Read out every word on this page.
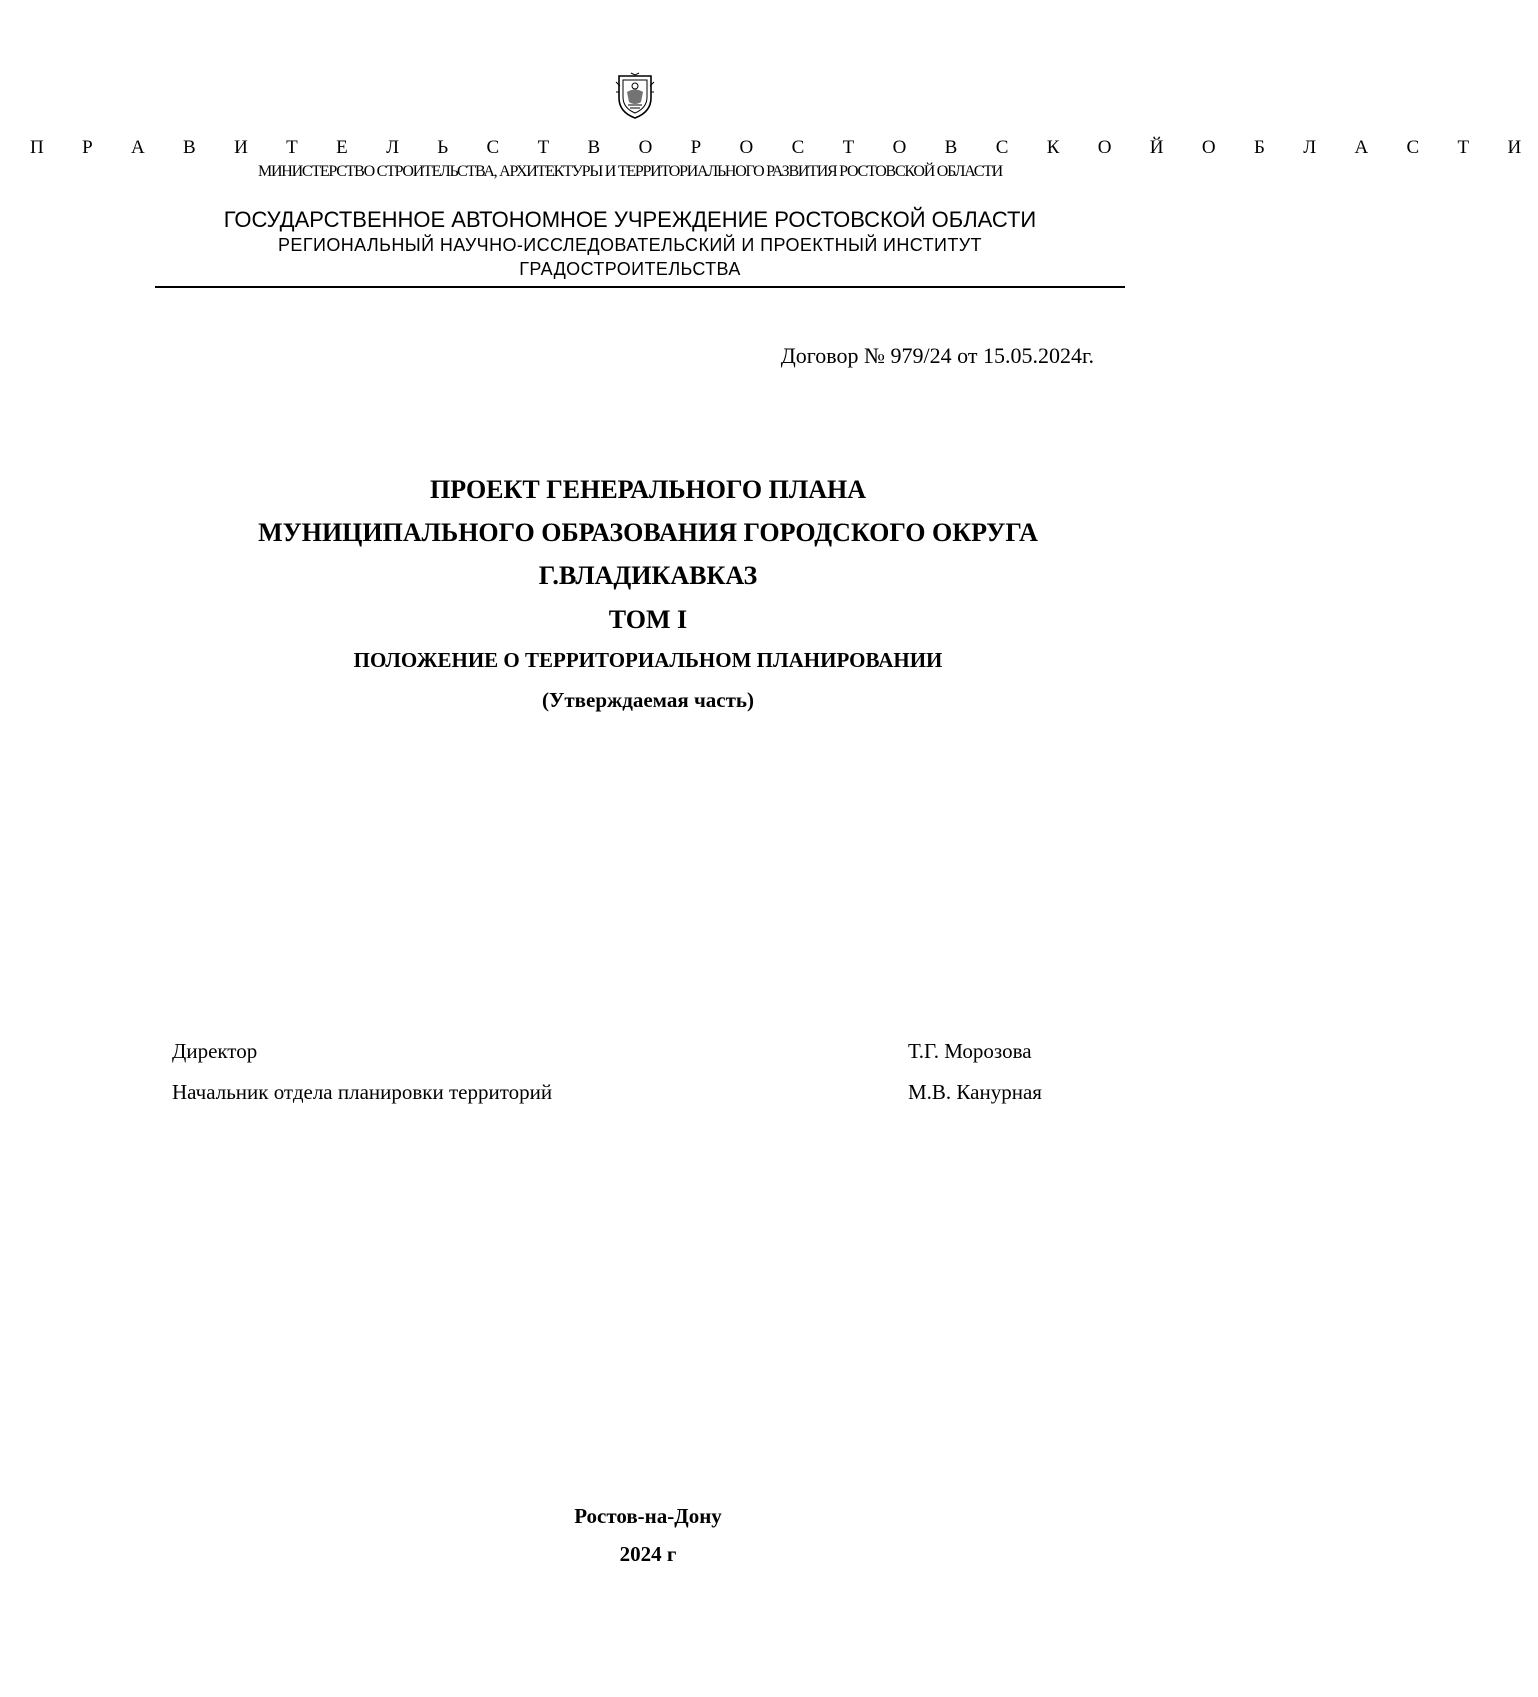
П Р А В И Т Е Л Ь С Т В О Р О С Т О В С К О Й О Б Л А С Т И
МИНИСТЕРСТВО СТРОИТЕЛЬСТВА, АРХИТЕКТУРЫ И ТЕРРИТОРИАЛЬНОГО РАЗВИТИЯ РОСТОВСКОЙ ОБЛАСТИ
ГОСУДАРСТВЕННОЕ АВТОНОМНОЕ УЧРЕЖДЕНИЕ РОСТОВСКОЙ ОБЛАСТИ
РЕГИОНАЛЬНЫЙ НАУЧНО-ИССЛЕДОВАТЕЛЬСКИЙ И ПРОЕКТНЫЙ ИНСТИТУТ
ГРАДОСТРОИТЕЛЬСТВА
Договор № 979/24 от 15.05.2024г.
ПРОЕКТ ГЕНЕРАЛЬНОГО ПЛАНА
МУНИЦИПАЛЬНОГО ОБРАЗОВАНИЯ ГОРОДСКОГО ОКРУГА
Г.ВЛАДИКАВКАЗ
ТОМ I
ПОЛОЖЕНИЕ О ТЕРРИТОРИАЛЬНОМ ПЛАНИРОВАНИИ
(Утверждаемая часть)
Директор	Т.Г. Морозова
Начальник отдела планировки территорий	М.В. Канурная
Ростов-на-Дону
2024 г
